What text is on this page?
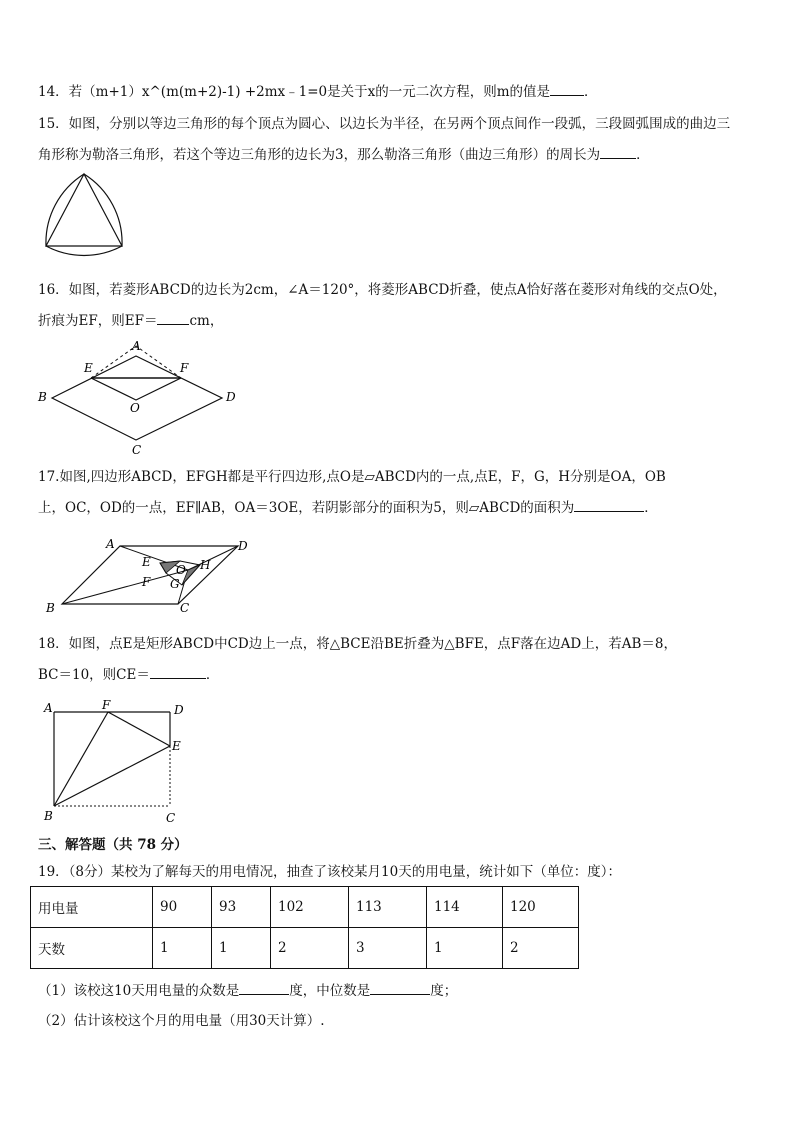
14．若（m+1）x^(m(m+2)-1) +2mx﹣1=0是关于x的一元二次方程，则m的值是	．
15．如图，分别以等边三角形的每个顶点为圆心、以边长为半径，在另两个顶点间作一段弧，三段圆弧围成的曲边三
角形称为勒洛三角形，若这个等边三角形的边长为3，那么勒洛三角形（曲边三角形）的周长为	．
16．如图，若菱形ABCD的边长为2cm，∠A＝120°，将菱形ABCD折叠，使点A恰好落在菱形对角线的交点O处，
折痕为EF，则EF＝ cm，
A
B
C
D
E	F
O
17.如图,四边形ABCD，EFGH都是平行四边形,点O是▱ABCD内的一点,点E，F，G，H分别是OA，OB
上，OC，OD的一点，EF∥AB，OA＝3OE，若阴影部分的面积为5，则▱ABCD的面积为	．
A
B	C
D
E
F G
H
O
18．如图，点E是矩形ABCD中CD边上一点，将△BCE沿BE折叠为△BFE，点F落在边AD上，若AB＝8，
BC＝10，则CE＝	．
A
B	C
D
E
F
三、解答题（共 78 分）
19．（8分）某校为了解每天的用电情况，抽查了该校某月10天的用电量，统计如下（单位：度）：
用电量	90	93	102	113	114	120
天数	1	1	2	3	1	2
（1）该校这10天用电量的众数是	度，中位数是	度；
（2）估计该校这个月的用电量（用30天计算）.
